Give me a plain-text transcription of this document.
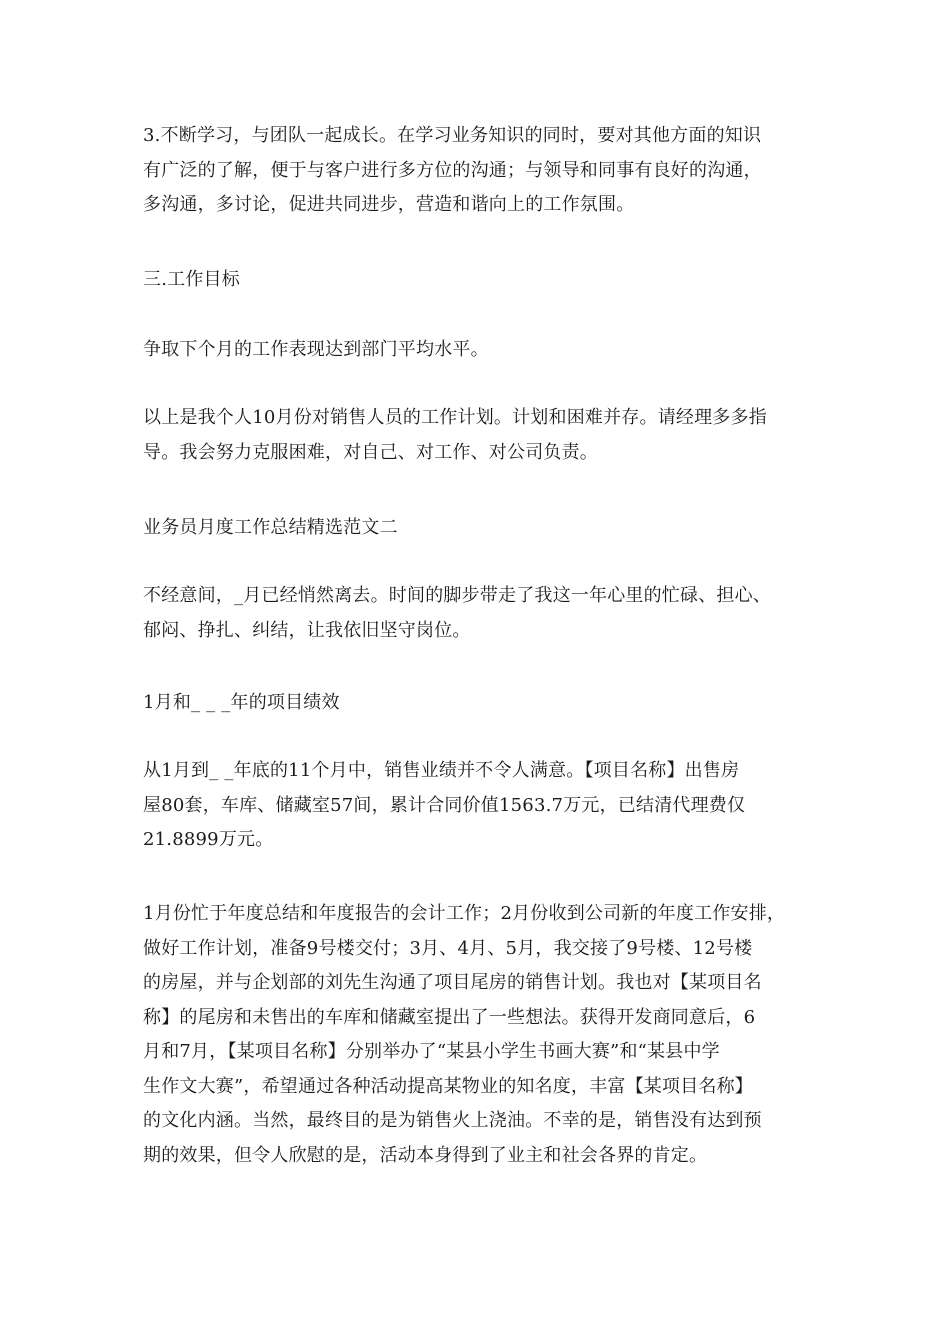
3.不断学习，与团队一起成长。在学习业务知识的同时，要对其他方面的知识
有广泛的了解，便于与客户进行多方位的沟通；与领导和同事有良好的沟通，
多沟通，多讨论，促进共同进步，营造和谐向上的工作氛围。

三.工作目标

争取下个月的工作表现达到部门平均水平。

以上是我个人10月份对销售人员的工作计划。计划和困难并存。请经理多多指
导。我会努力克服困难，对自己、对工作、对公司负责。

业务员月度工作总结精选范文二

不经意间，_月已经悄然离去。时间的脚步带走了我这一年心里的忙碌、担心、
郁闷、挣扎、纠结，让我依旧坚守岗位。

1月和_ _ _年的项目绩效

从1月到_ _年底的11个月中，销售业绩并不令人满意。【项目名称】出售房
屋80套，车库、储藏室57间，累计合同价值1563.7万元，已结清代理费仅
21.8899万元。

1月份忙于年度总结和年度报告的会计工作；2月份收到公司新的年度工作安排，
做好工作计划，准备9号楼交付；3月、4月、5月，我交接了9号楼、12号楼
的房屋，并与企划部的刘先生沟通了项目尾房的销售计划。我也对【某项目名
称】的尾房和未售出的车库和储藏室提出了一些想法。获得开发商同意后，6
月和7月，【某项目名称】分别举办了“某县小学生书画大赛”和“某县中学
生作文大赛”，希望通过各种活动提高某物业的知名度，丰富【某项目名称】
的文化内涵。当然，最终目的是为销售火上浇油。不幸的是，销售没有达到预
期的效果，但令人欣慰的是，活动本身得到了业主和社会各界的肯定。
